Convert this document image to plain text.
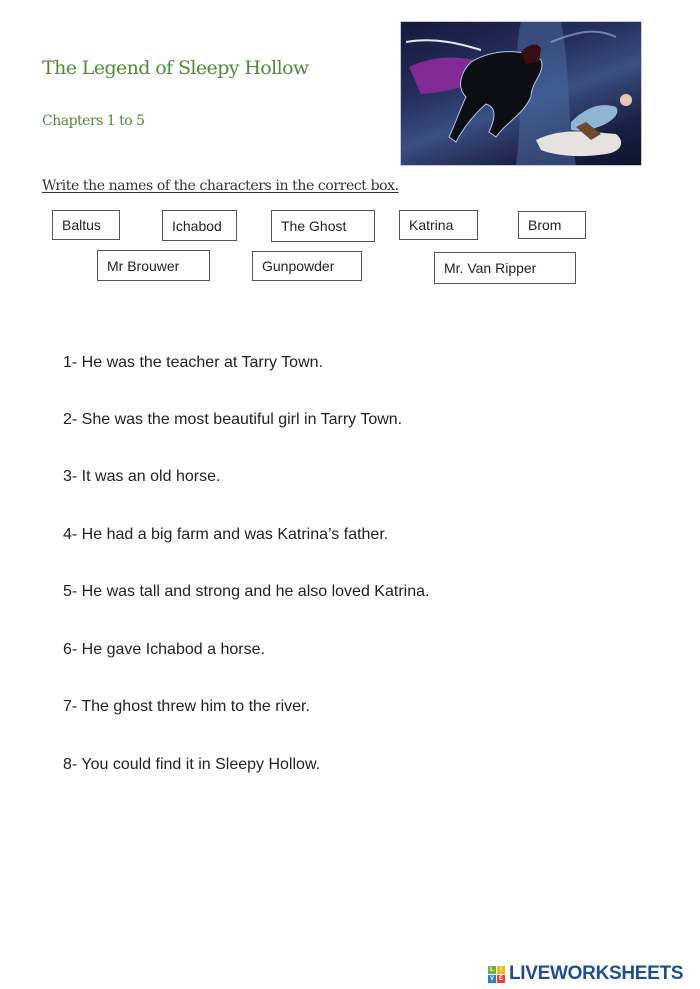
The Legend of Sleepy Hollow
Chapters 1 to 5
Write the names of the characters in the correct box.
Baltus	Ichabod	The Ghost	Katrina	Brom
Mr Brouwer	Gunpowder	Mr. Van Ripper
1- He was the teacher at Tarry Town.
2- She was the most beautiful girl in Tarry Town.
3- It was an old horse.
4- He had a big farm and was Katrina’s father.
5- He was tall and strong and he also loved Katrina.
6- He gave Ichabod a horse.
7- The ghost threw him to the river.
8- You could find it in Sleepy Hollow.
L	I
V E LIVEWORKSHEETS
